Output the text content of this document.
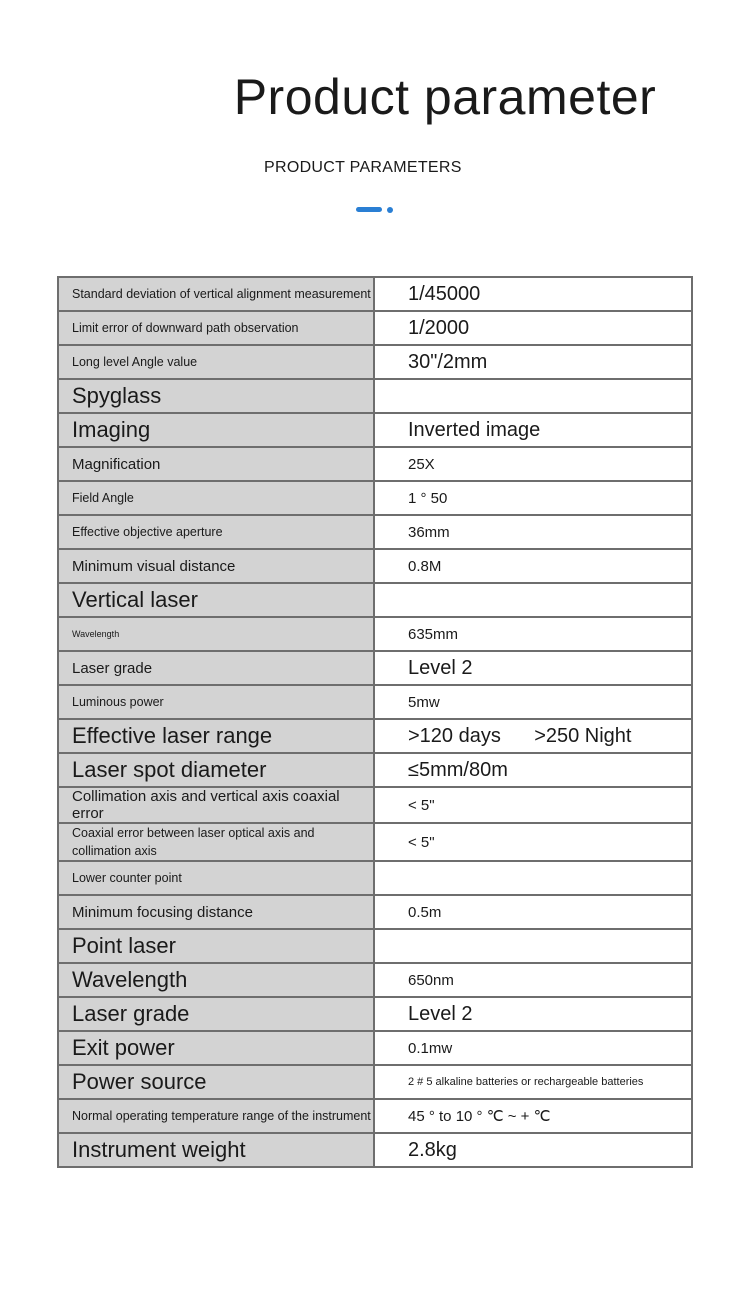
Product parameter
PRODUCT PARAMETERS
Standard deviation of vertical alignment measurement	1/45000
Limit error of downward path observation	1/2000
Long level Angle value	30"/2mm
Spyglass	
Imaging	Inverted image
Magnification	25X
Field Angle	1 ° 50
Effective objective aperture	36mm
Minimum visual distance	0.8M
Vertical laser	
Wavelength	635mm
Laser grade	Level 2
Luminous power	5mw
Effective laser range	>120 days      >250 Night
Laser spot diameter	≤5mm/80m
Collimation axis and vertical axis coaxial error	< 5"
Coaxial error between laser optical axis and collimation axis	< 5"
Lower counter point	
Minimum focusing distance	0.5m
Point laser	
Wavelength	650nm
Laser grade	Level 2
Exit power	0.1mw
Power source	2 # 5 alkaline batteries or rechargeable batteries
Normal operating temperature range of the instrument	45 ° to 10 ° ℃ ~ + ℃
Instrument weight	2.8kg
